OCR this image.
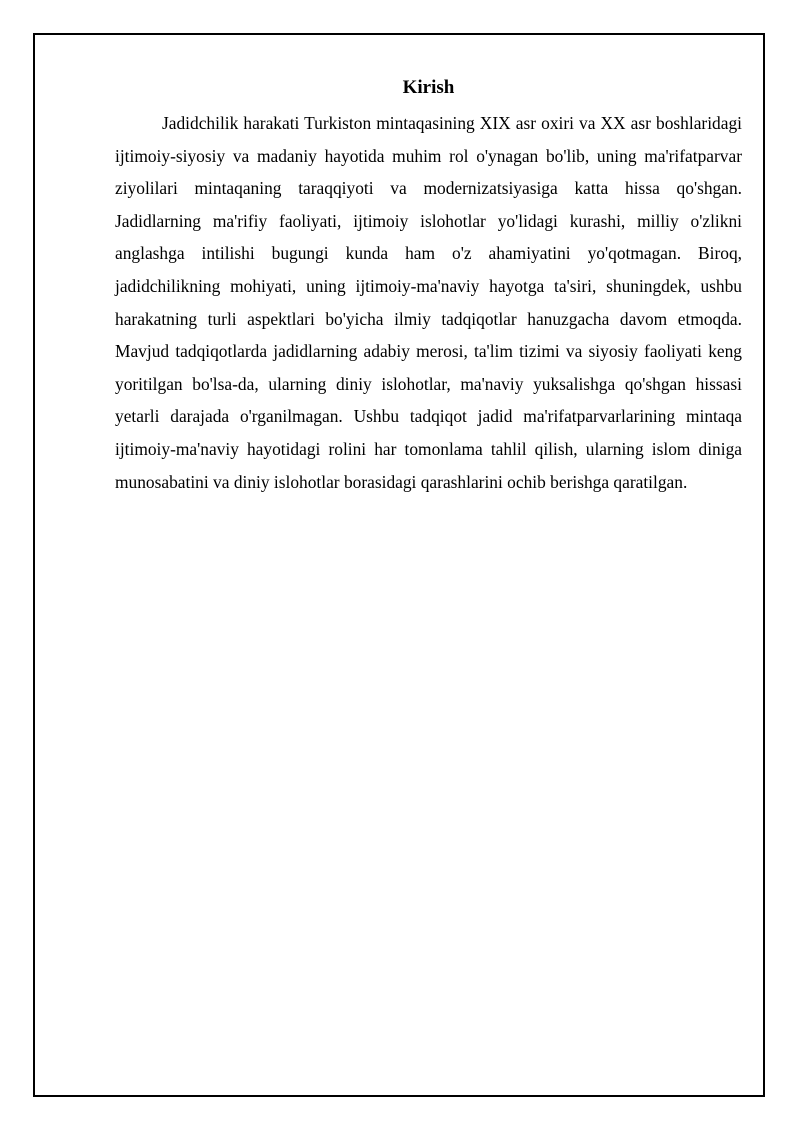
Kirish

Jadidchilik harakati Turkiston mintaqasining XIX asr oxiri va XX asr boshlaridagi ijtimoiy-siyosiy va madaniy hayotida muhim rol o'ynagan bo'lib, uning ma'rifatparvar ziyolilari mintaqaning taraqqiyoti va modernizatsiyasiga katta hissa qo'shgan. Jadidlarning ma'rifiy faoliyati, ijtimoiy islohotlar yo'lidagi kurashi, milliy o'zlikni anglashga intilishi bugungi kunda ham o'z ahamiyatini yo'qotmagan. Biroq, jadidchilikning mohiyati, uning ijtimoiy-ma'naviy hayotga ta'siri, shuningdek, ushbu harakatning turli aspektlari bo'yicha ilmiy tadqiqotlar hanuzgacha davom etmoqda. Mavjud tadqiqotlarda jadidlarning adabiy merosi, ta'lim tizimi va siyosiy faoliyati keng yoritilgan bo'lsa-da, ularning diniy islohotlar, ma'naviy yuksalishga qo'shgan hissasi yetarli darajada o'rganilmagan. Ushbu tadqiqot jadid ma'rifatparvarlarining mintaqa ijtimoiy-ma'naviy hayotidagi rolini har tomonlama tahlil qilish, ularning islom diniga munosabatini va diniy islohotlar borasidagi qarashlarini ochib berishga qaratilgan.
